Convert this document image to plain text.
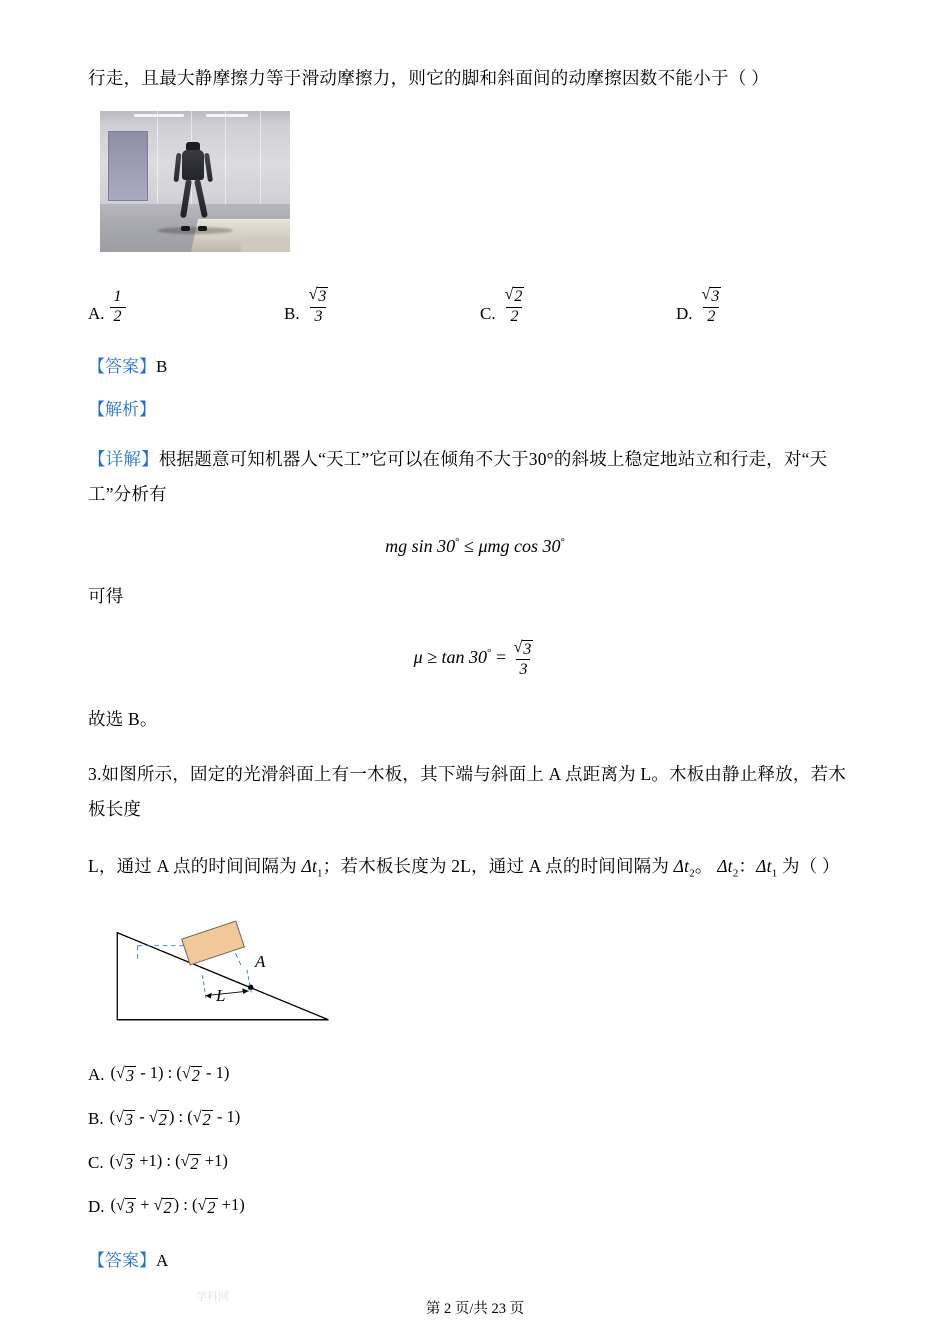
行走，且最大静摩擦力等于滑动摩擦力，则它的脚和斜面间的动摩擦因数不能小于（ ）
A. $\frac{1}{2}$	B. $\frac{√ 3}{3}$	C. $\frac{√ 2}{2}$	D. $\frac{√ 3}{2}$
【答案】B
【解析】
【详解】根据题意可知机器人“天工”它可以在倾角不大于30°的斜坡上稳定地站立和行走，对“天工”分析有
mg sin 30° ≤ μmg cos 30°
可得
$\mu \ge \tan 30^\circ = \frac{√ 3}{3}$
故选 B。
3.如图所示，固定的光滑斜面上有一木板，其下端与斜面上 A 点距离为 L。木板由静止释放，若木板长度
L，通过 A 点的时间间隔为 $\Delta t_1$；若木板长度为 2L，通过 A 点的时间间隔为 $\Delta t_2$。 $\Delta t_2$：$\Delta t_1$ 为（ ）
A
L
A. ( √ 3 - 1) : ( √ 2 - 1)
B. ( √ 3 - √ 2 ) : ( √ 2 - 1)
C. ( √ 3 +1) : ( √ 2 +1)
D. ( √ 3 + √ 2 ) : ( √ 2 +1)
【答案】A
学科网
第 2 页/共 23 页
